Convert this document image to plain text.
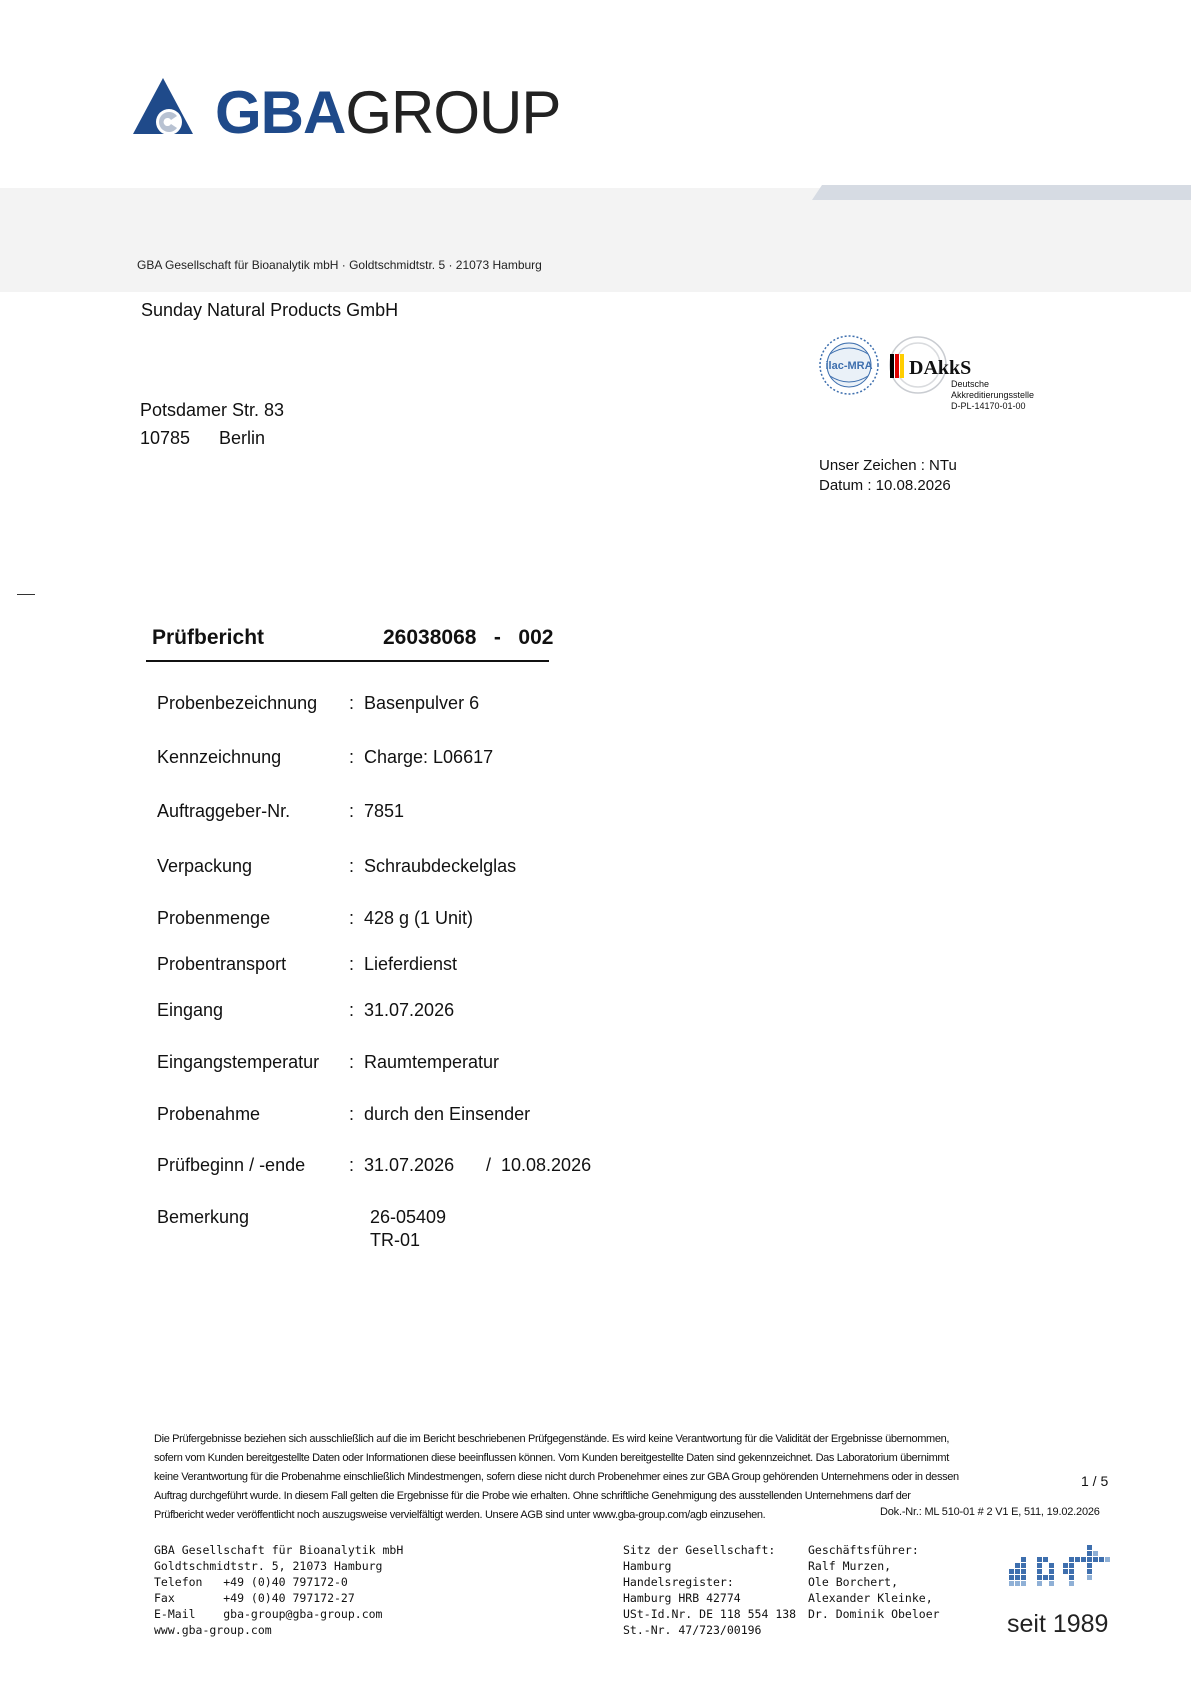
GBAGROUP
GBA Gesellschaft für Bioanalytik mbH · Goldtschmidtstr. 5 · 21073 Hamburg
Sunday Natural Products GmbH
Potsdamer Str. 83
10785 Berlin
ilac-MRA DAkkS
Deutsche
Akkreditierungsstelle
D-PL-14170-01-00
Unser Zeichen : NTu
Datum : 10.08.2026
Prüfbericht	26038068   -   002
Probenbezeichnung : Basenpulver 6
Kennzeichnung	: Charge: L06617
Auftraggeber-Nr.	: 7851
Verpackung	: Schraubdeckelglas
Probenmenge	: 428 g (1 Unit)
Probentransport	: Lieferdienst
Eingang	: 31.07.2026
Eingangstemperatur : Raumtemperatur
Probenahme	: durch den Einsender
Prüfbeginn / -ende : 31.07.2026 /  10.08.2026
Bemerkung	26-05409
TR-01
Die Prüfergebnisse beziehen sich ausschließlich auf die im Bericht beschriebenen Prüfgegenstände. Es wird keine Verantwortung für die Validität der Ergebnisse übernommen,
sofern vom Kunden bereitgestellte Daten oder Informationen diese beeinflussen können. Vom Kunden bereitgestellte Daten sind gekennzeichnet. Das Laboratorium übernimmt
keine Verantwortung für die Probenahme einschließlich Mindestmengen, sofern diese nicht durch Probenehmer eines zur GBA Group gehörenden Unternehmens oder in dessen
Auftrag durchgeführt wurde. In diesem Fall gelten die Ergebnisse für die Probe wie erhalten. Ohne schriftliche Genehmigung des ausstellenden Unternehmens darf der
Prüfbericht weder veröffentlicht noch auszugsweise vervielfältigt werden. Unsere AGB sind unter www.gba-group.com/agb einzusehen.
1 / 5
Dok.-Nr.: ML 510-01 # 2 V1 E, 511, 19.02.2026
GBA Gesellschaft für Bioanalytik mbH
Goldtschmidtstr. 5, 21073 Hamburg
Telefon   +49 (0)40 797172-0
Fax       +49 (0)40 797172-27
E-Mail    gba-group@gba-group.com
www.gba-group.com
Sitz der Gesellschaft:
Hamburg
Handelsregister:
Hamburg HRB 42774
USt-Id.Nr. DE 118 554 138
St.-Nr. 47/723/00196
Geschäftsführer:
Ralf Murzen,
Ole Borchert,
Alexander Kleinke,
Dr. Dominik Obeloer	seit 1989
